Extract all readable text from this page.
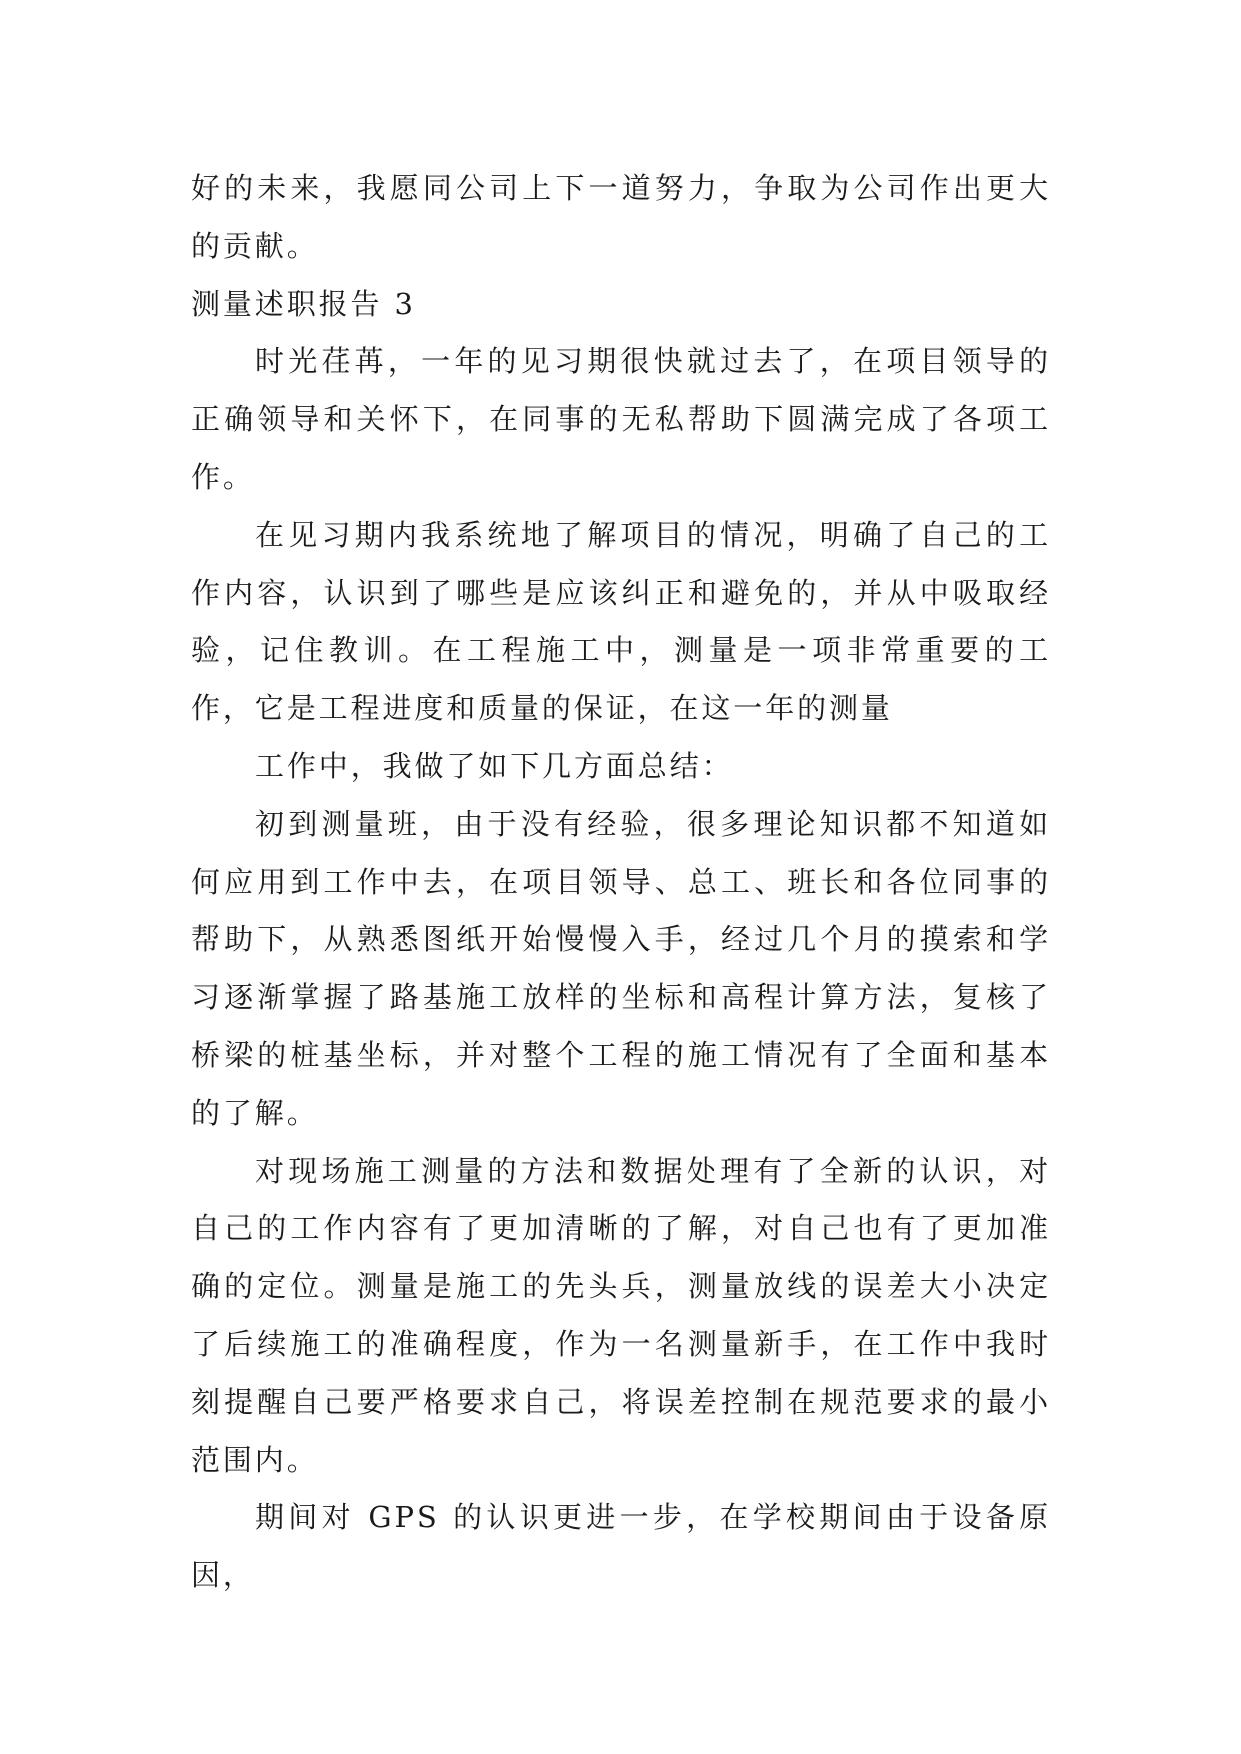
好的未来，我愿同公司上下一道努力，争取为公司作出更大的贡献。

测量述职报告 3

时光荏苒，一年的见习期很快就过去了，在项目领导的正确领导和关怀下，在同事的无私帮助下圆满完成了各项工作。

在见习期内我系统地了解项目的情况，明确了自己的工作内容，认识到了哪些是应该纠正和避免的，并从中吸取经验，记住教训。在工程施工中，测量是一项非常重要的工作，它是工程进度和质量的保证，在这一年的测量

工作中，我做了如下几方面总结：

初到测量班，由于没有经验，很多理论知识都不知道如何应用到工作中去，在项目领导、总工、班长和各位同事的帮助下，从熟悉图纸开始慢慢入手，经过几个月的摸索和学习逐渐掌握了路基施工放样的坐标和高程计算方法，复核了桥梁的桩基坐标，并对整个工程的施工情况有了全面和基本的了解。

对现场施工测量的方法和数据处理有了全新的认识，对自己的工作内容有了更加清晰的了解，对自己也有了更加准确的定位。测量是施工的先头兵，测量放线的误差大小决定了后续施工的准确程度，作为一名测量新手，在工作中我时刻提醒自己要严格要求自己，将误差控制在规范要求的最小范围内。

期间对 GPS 的认识更进一步，在学校期间由于设备原因，
